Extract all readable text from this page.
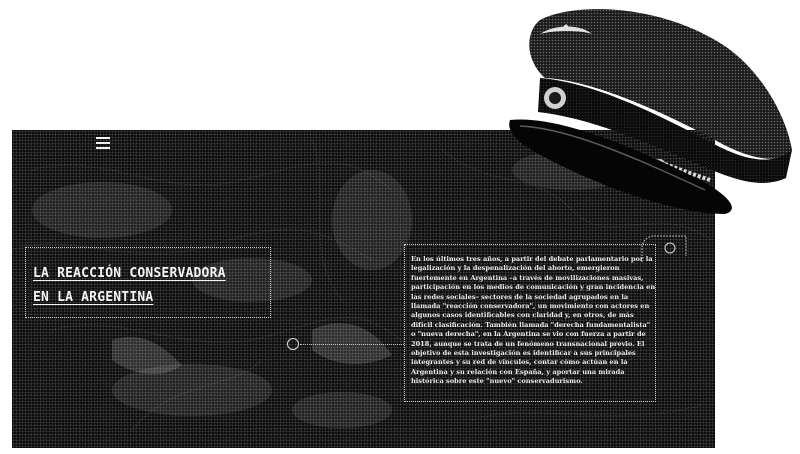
LA REACCIÓN CONSERVADORA
EN LA ARGENTINA

En los últimos tres años, a partir del debate parlamentario por la legalización y la despenalización del aborto, emergieron fuertemente en Argentina –a través de movilizaciones masivas, participación en los medios de comunicación y gran incidencia en las redes sociales– sectores de la sociedad agrupados en la llamada "reacción conservadora", un movimiento con actores en algunos casos identificables con claridad y, en otros, de más difícil clasificación. También llamada "derecha fundamentalista" o "nueva derecha", en la Argentina se vio con fuerza a partir de 2018, aunque se trata de un fenómeno transnacional previo. El objetivo de esta investigación es identificar a sus principales integrantes y su red de vínculos, contar cómo actúan en la Argentina y su relación con España, y aportar una mirada histórica sobre este "nuevo" conservadurismo.
